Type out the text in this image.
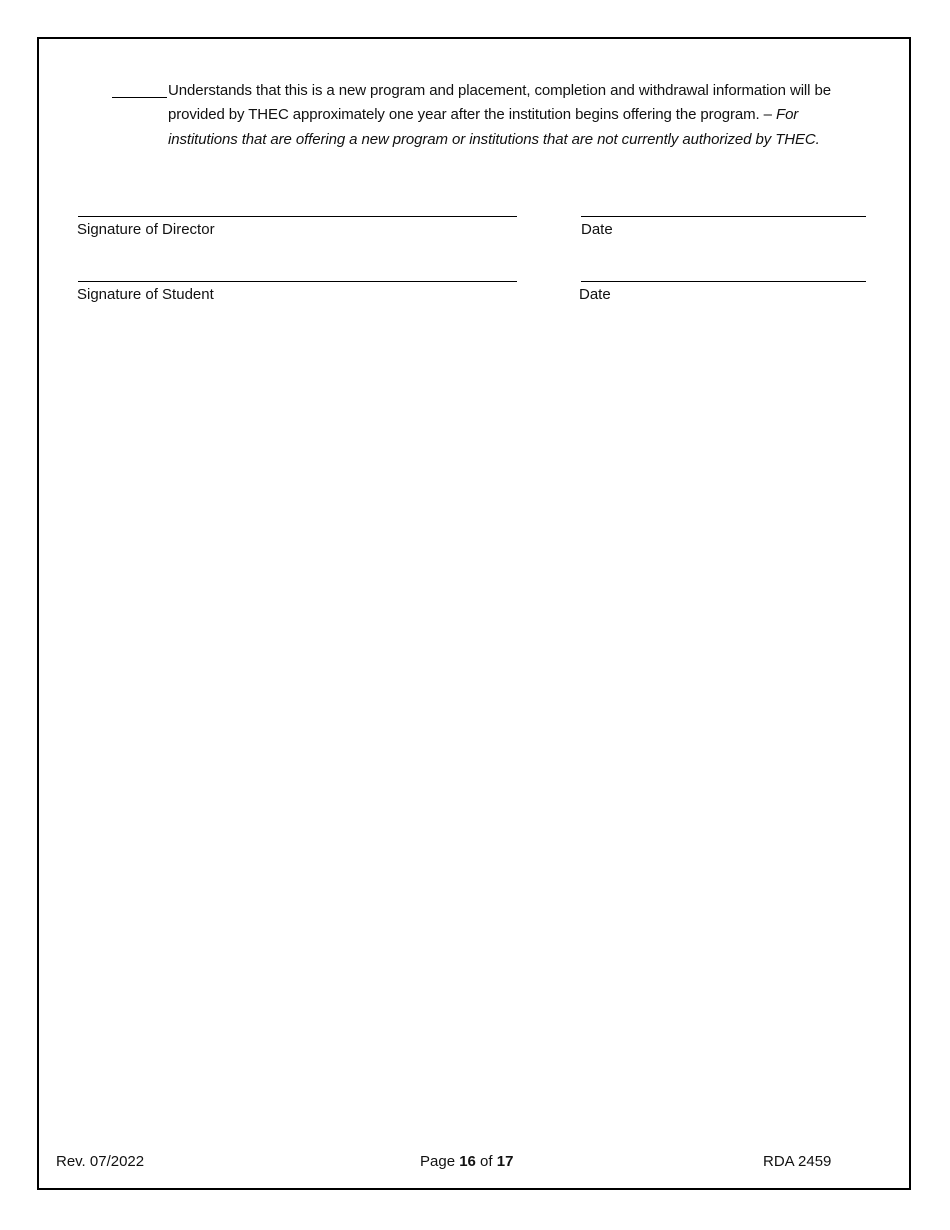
Understands that this is a new program and placement, completion and withdrawal information will be provided by THEC approximately one year after the institution begins offering the program. – For institutions that are offering a new program or institutions that are not currently authorized by THEC.
Signature of Director	Date
Signature of Student	Date
Rev. 07/2022	Page 16 of 17	RDA 2459
